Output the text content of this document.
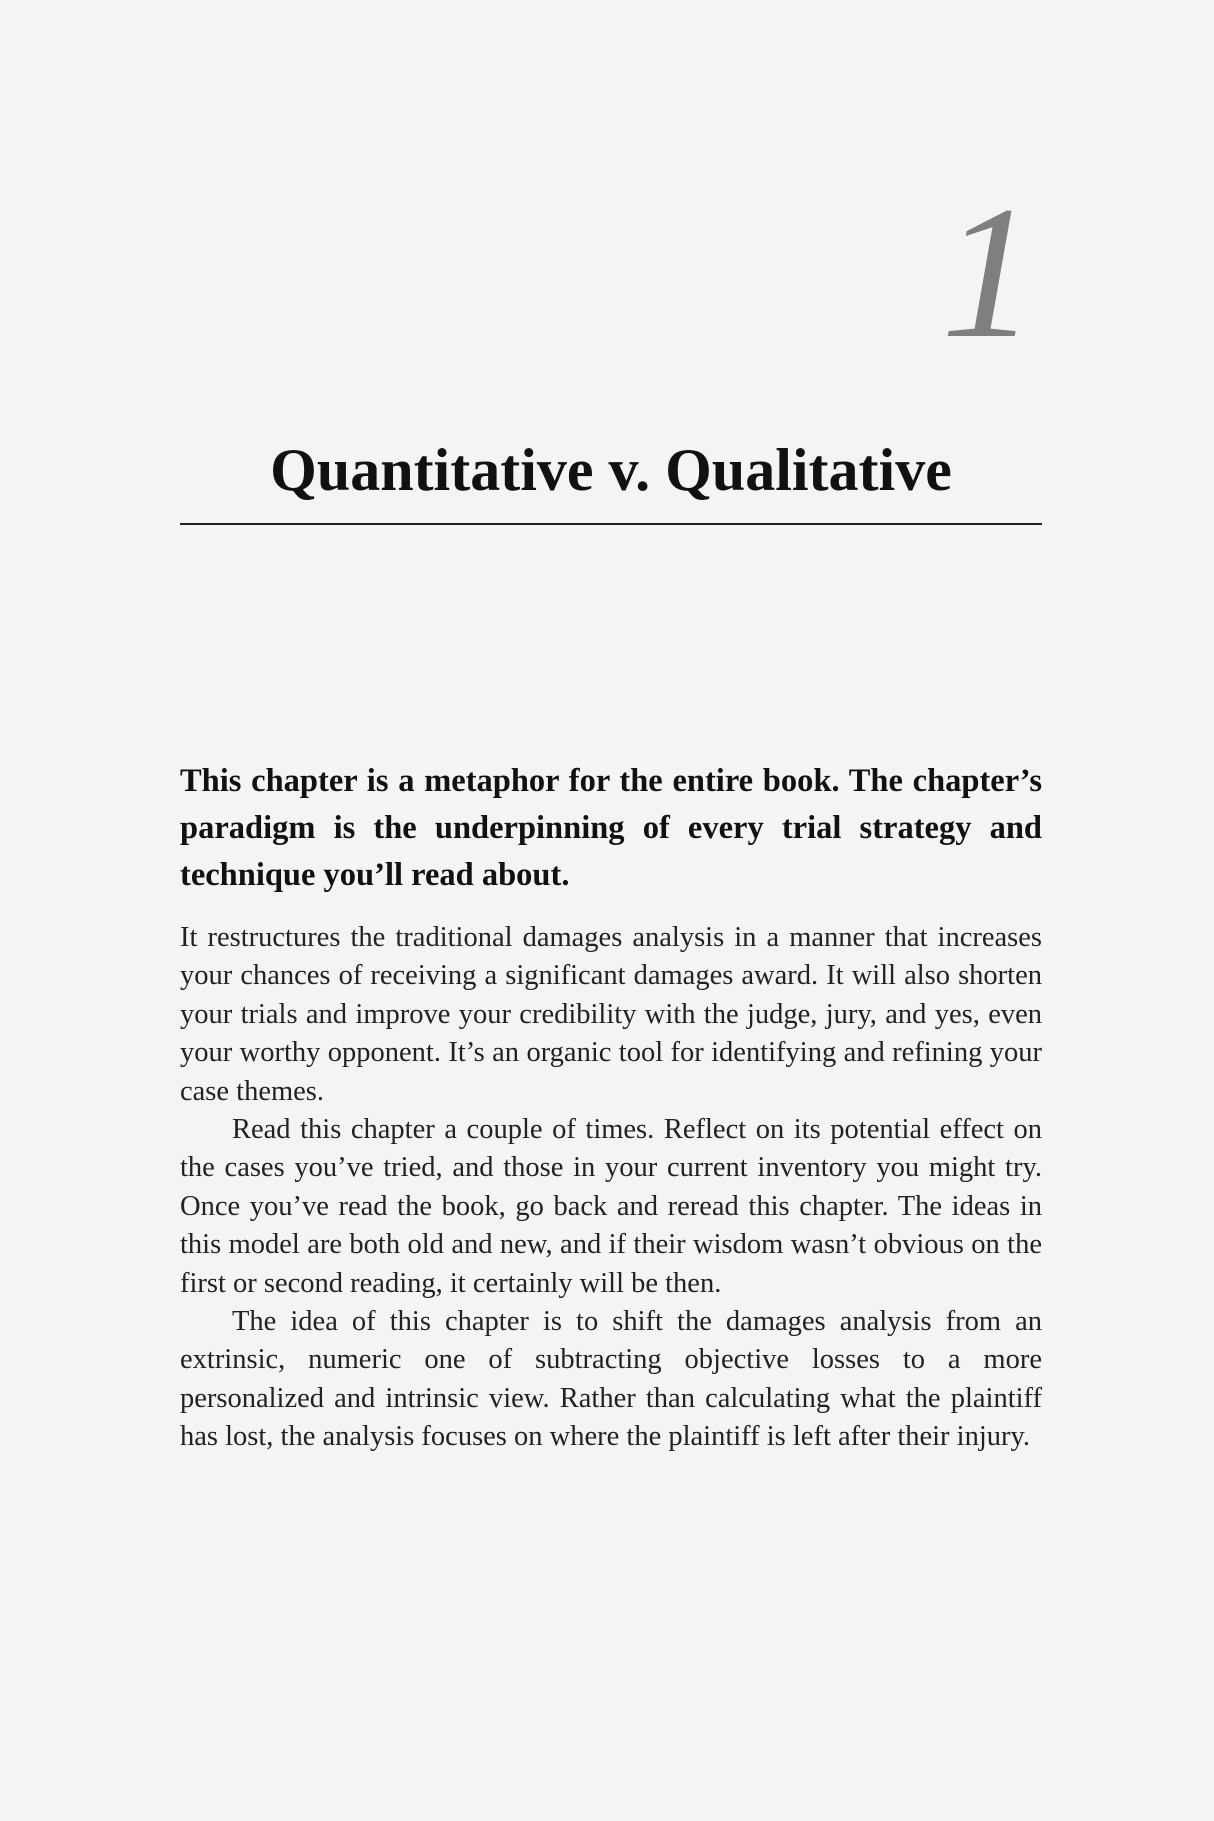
1
Quantitative v. Qualitative

This chapter is a metaphor for the entire book. The chapter’s paradigm is the underpinning of every trial strategy and technique you’ll read about.

It restructures the traditional damages analysis in a manner that increases your chances of receiving a significant damages award. It will also shorten your trials and improve your credibility with the judge, jury, and yes, even your worthy opponent. It’s an organic tool for identifying and refining your case themes.

Read this chapter a couple of times. Reflect on its potential effect on the cases you’ve tried, and those in your current inventory you might try. Once you’ve read the book, go back and reread this chapter. The ideas in this model are both old and new, and if their wisdom wasn’t obvious on the first or second reading, it certainly will be then.

The idea of this chapter is to shift the damages analysis from an extrinsic, numeric one of subtracting objective losses to a more personalized and intrinsic view. Rather than calculating what the plaintiff has lost, the analysis focuses on where the plaintiff is left after their injury.
